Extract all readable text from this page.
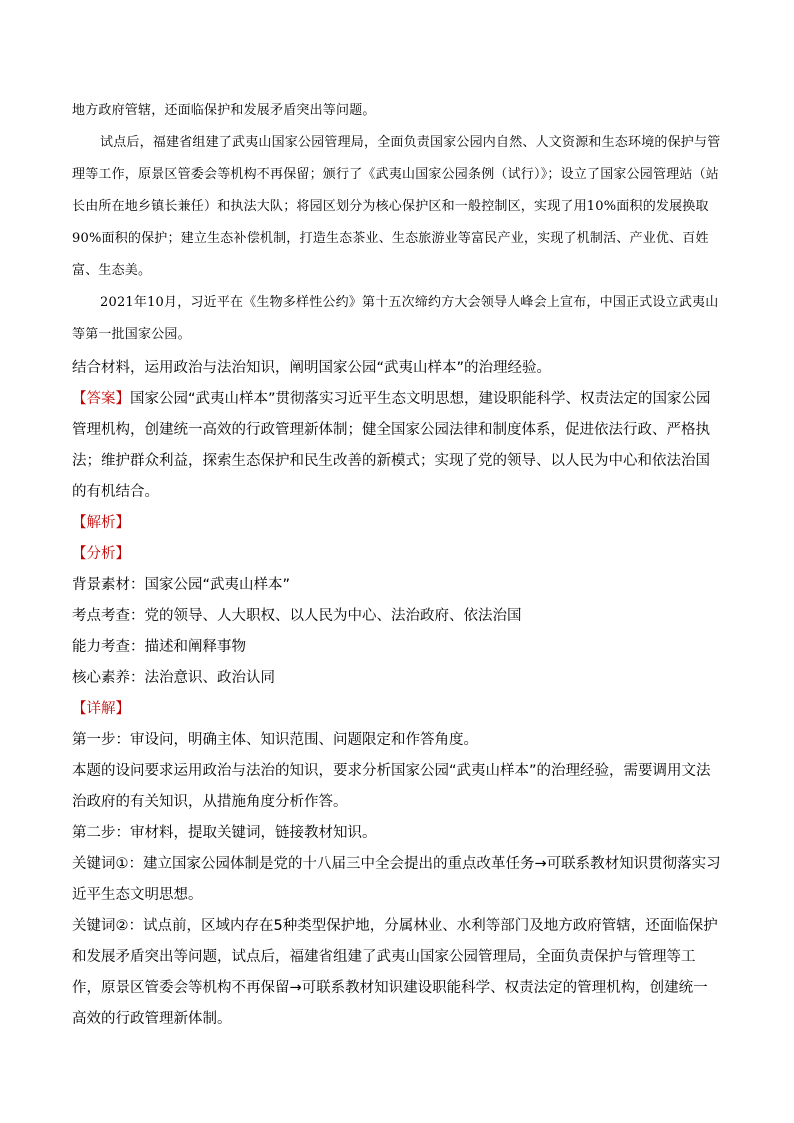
地方政府管辖，还面临保护和发展矛盾突出等问题。

试点后，福建省组建了武夷山国家公园管理局，全面负责国家公园内自然、人文资源和生态环境的保护与管理等工作，原景区管委会等机构不再保留；颁行了《武夷山国家公园条例（试行）》；设立了国家公园管理站（站长由所在地乡镇长兼任）和执法大队；将园区划分为核心保护区和一般控制区，实现了用10%面积的发展换取90%面积的保护；建立生态补偿机制，打造生态茶业、生态旅游业等富民产业，实现了机制活、产业优、百姓富、生态美。

2021年10月，习近平在《生物多样性公约》第十五次缔约方大会领导人峰会上宣布，中国正式设立武夷山等第一批国家公园。

结合材料，运用政治与法治知识，阐明国家公园“武夷山样本”的治理经验。

【答案】国家公园“武夷山样本”贯彻落实习近平生态文明思想，建设职能科学、权责法定的国家公园管理机构，创建统一高效的行政管理新体制；健全国家公园法律和制度体系，促进依法行政、严格执法；维护群众利益，探索生态保护和民生改善的新模式；实现了党的领导、以人民为中心和依法治国的有机结合。

【解析】

【分析】

背景素材：国家公园“武夷山样本”

考点考查：党的领导、人大职权、以人民为中心、法治政府、依法治国

能力考查：描述和阐释事物

核心素养：法治意识、政治认同

【详解】

第一步：审设问，明确主体、知识范围、问题限定和作答角度。

本题的设问要求运用政治与法治的知识，要求分析国家公园“武夷山样本”的治理经验，需要调用文法治政府的有关知识，从措施角度分析作答。

第二步：审材料，提取关键词，链接教材知识。

关键词①：建立国家公园体制是党的十八届三中全会提出的重点改革任务→可联系教材知识贯彻落实习近平生态文明思想。

关键词②：试点前，区域内存在5种类型保护地，分属林业、水利等部门及地方政府管辖，还面临保护和发展矛盾突出等问题，试点后，福建省组建了武夷山国家公园管理局，全面负责保护与管理等工作，原景区管委会等机构不再保留→可联系教材知识建设职能科学、权责法定的管理机构，创建统一高效的行政管理新体制。
